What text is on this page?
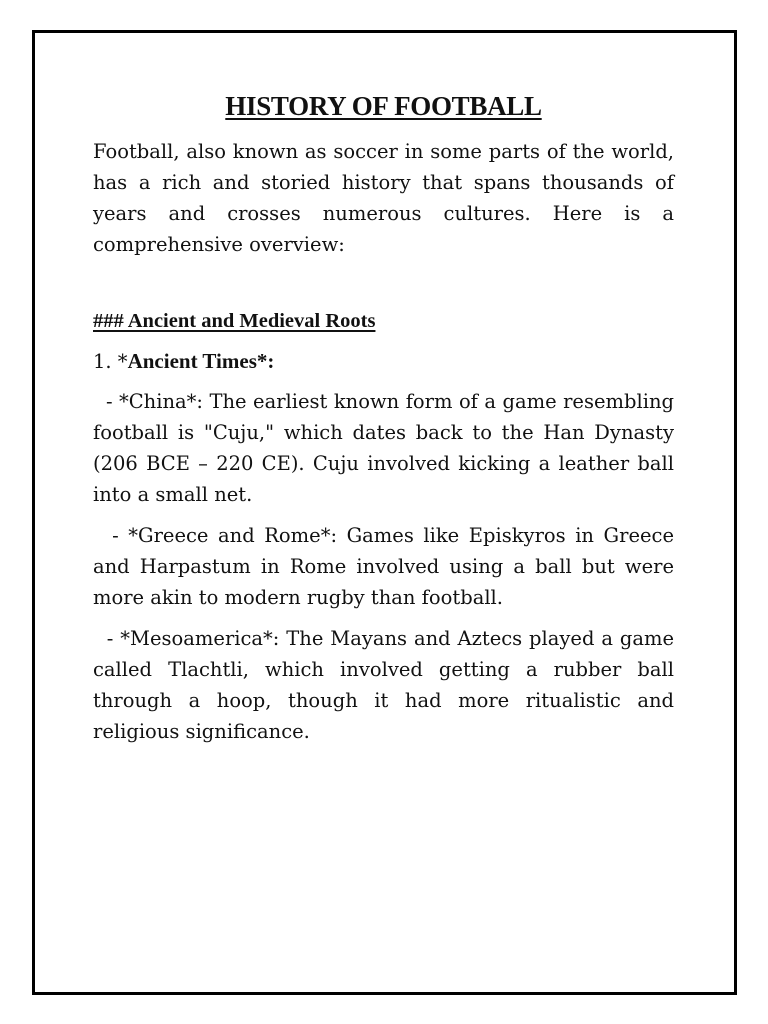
HISTORY OF FOOTBALL

Football, also known as soccer in some parts of the world, has a rich and storied history that spans thousands of years and crosses numerous cultures. Here is a comprehensive overview:

### Ancient and Medieval Roots

1. *Ancient Times*:

- *China*: The earliest known form of a game resembling football is "Cuju," which dates back to the Han Dynasty (206 BCE – 220 CE). Cuju involved kicking a leather ball into a small net.

- *Greece and Rome*: Games like Episkyros in Greece and Harpastum in Rome involved using a ball but were more akin to modern rugby than football.

- *Mesoamerica*: The Mayans and Aztecs played a game called Tlachtli, which involved getting a rubber ball through a hoop, though it had more ritualistic and religious significance.
